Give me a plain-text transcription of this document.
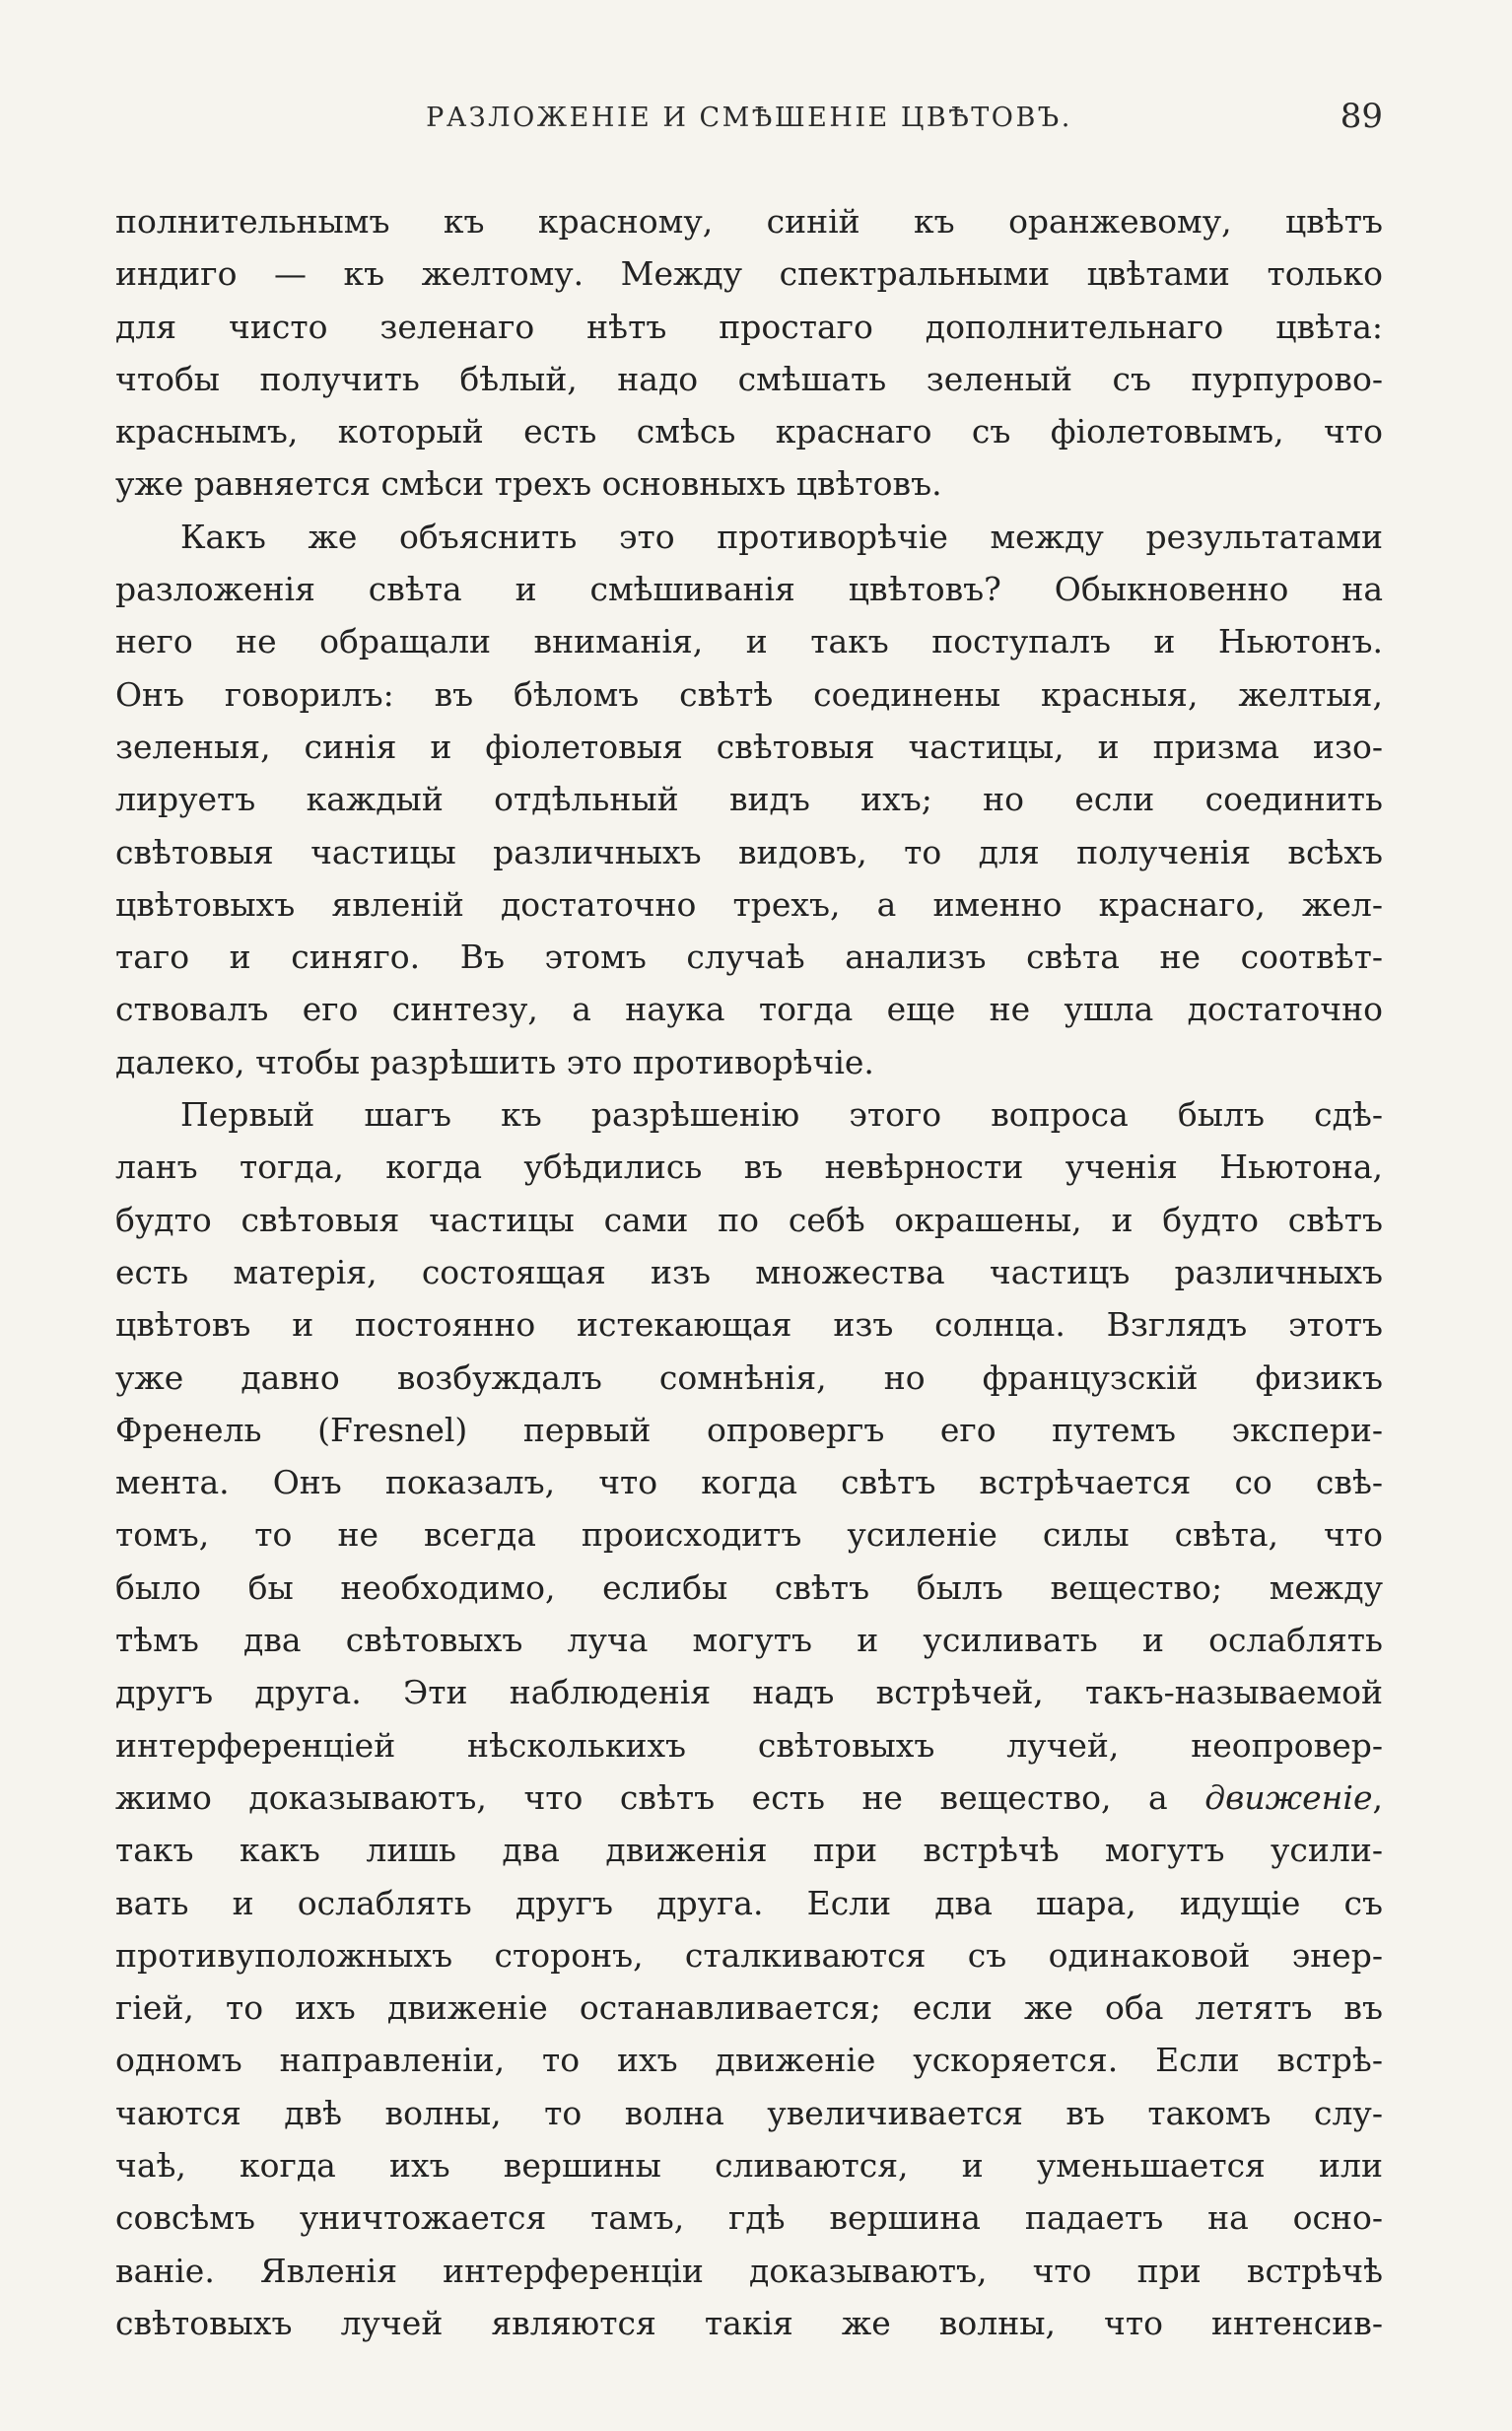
РАЗЛОЖЕНІЕ И СМѢШЕНІЕ ЦВѢТОВЪ.	89
полнительнымъ къ красному, синій къ оранжевому, цвѣтъ
индиго — къ желтому. Между спектральными цвѣтами только
для чисто зеленаго нѣтъ простаго дополнительнаго цвѣта:
чтобы получить бѣлый, надо смѣшать зеленый съ пурпурово-
краснымъ, который есть смѣсь краснаго съ фіолетовымъ, что
уже равняется смѣси трехъ основныхъ цвѣтовъ.
Какъ же объяснить это противорѣчіе между результатами
разложенія свѣта и смѣшиванія цвѣтовъ? Обыкновенно на
него не обращали вниманія, и такъ поступалъ и Ньютонъ.
Онъ говорилъ: въ бѣломъ свѣтѣ соединены красныя, желтыя,
зеленыя, синія и фіолетовыя свѣтовыя частицы, и призма изо-
лируетъ каждый отдѣльный видъ ихъ; но если соединить
свѣтовыя частицы различныхъ видовъ, то для полученія всѣхъ
цвѣтовыхъ явленій достаточно трехъ, а именно краснаго, жел-
таго и синяго. Въ этомъ случаѣ анализъ свѣта не соотвѣт-
ствовалъ его синтезу, а наука тогда еще не ушла достаточно
далеко, чтобы разрѣшить это противорѣчіе.
Первый шагъ къ разрѣшенію этого вопроса былъ сдѣ-
ланъ тогда, когда убѣдились въ невѣрности ученія Ньютона,
будто свѣтовыя частицы сами по себѣ окрашены, и будто свѣтъ
есть матерія, состоящая изъ множества частицъ различныхъ
цвѣтовъ и постоянно истекающая изъ солнца. Взглядъ этотъ
уже давно возбуждалъ сомнѣнія, но французскій физикъ
Френель (Fresnel) первый опровергъ его путемъ экспери-
мента. Онъ показалъ, что когда свѣтъ встрѣчается со свѣ-
томъ, то не всегда происходитъ усиленіе силы свѣта, что
было бы необходимо, еслибы свѣтъ былъ вещество; между
тѣмъ два свѣтовыхъ луча могутъ и усиливать и ослаблять
другъ друга. Эти наблюденія надъ встрѣчей, такъ-называемой
интерференціей нѣсколькихъ свѣтовыхъ лучей, неопровер-
жимо доказываютъ, что свѣтъ есть не вещество, а движеніе,
такъ какъ лишь два движенія при встрѣчѣ могутъ усили-
вать и ослаблять другъ друга. Если два шара, идущіе съ
противуположныхъ сторонъ, сталкиваются съ одинаковой энер-
гіей, то ихъ движеніе останавливается; если же оба летятъ въ
одномъ направленіи, то ихъ движеніе ускоряется. Если встрѣ-
чаются двѣ волны, то волна увеличивается въ такомъ слу-
чаѣ, когда ихъ вершины сливаются, и уменьшается или
совсѣмъ уничтожается тамъ, гдѣ вершина падаетъ на осно-
ваніе. Явленія интерференціи доказываютъ, что при встрѣчѣ
свѣтовыхъ лучей являются такія же волны, что интенсив-
